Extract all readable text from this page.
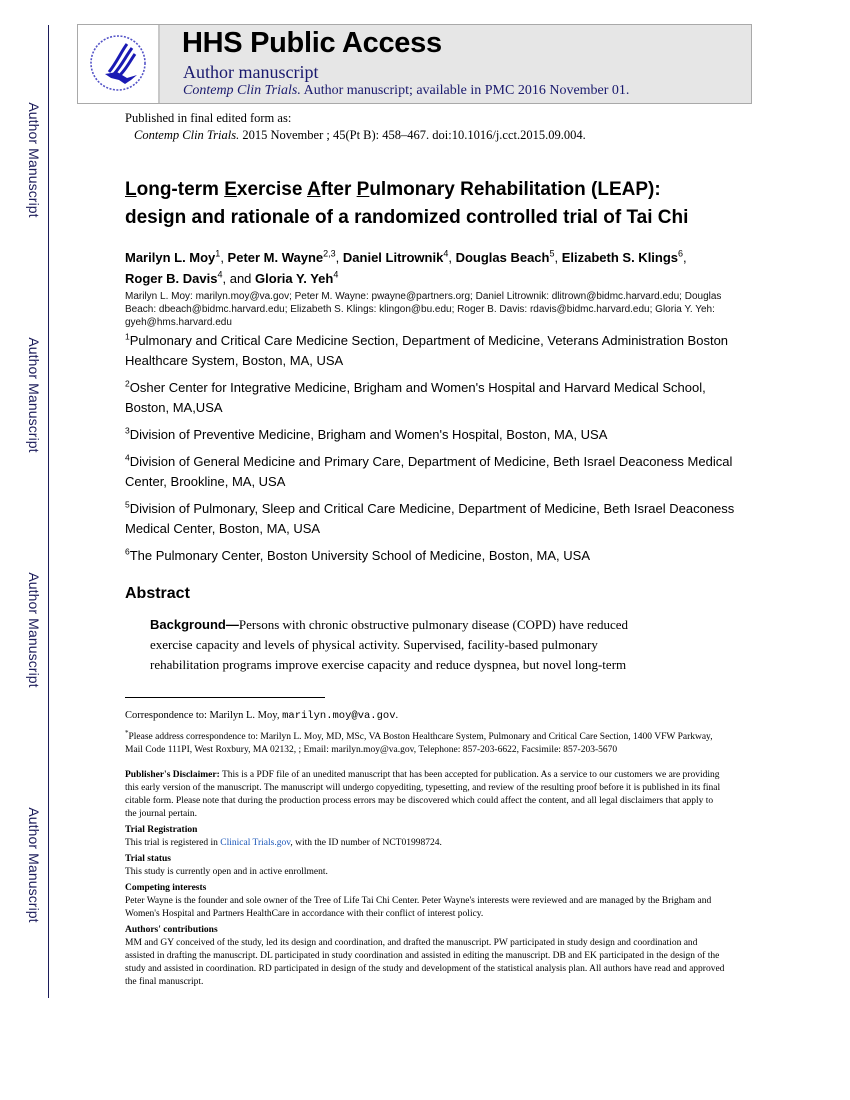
Author Manuscript
Author Manuscript
Author Manuscript
Author Manuscript
HHS Public Access
Author manuscript
Contemp Clin Trials. Author manuscript; available in PMC 2016 November 01.
Published in final edited form as:
Contemp Clin Trials. 2015 November ; 45(Pt B): 458–467. doi:10.1016/j.cct.2015.09.004.
Long-term Exercise After Pulmonary Rehabilitation (LEAP):
design and rationale of a randomized controlled trial of Tai Chi
Marilyn L. Moy$^1$, Peter M. Wayne$^{2,3}$, Daniel Litrownik$^4$, Douglas Beach$^5$, Elizabeth S. Klings$^6$, Roger B. Davis$^4$, and Gloria Y. Yeh$^4$
Marilyn L. Moy: marilyn.moy@va.gov; Peter M. Wayne: pwayne@partners.org; Daniel Litrownik: dlitrown@bidmc.harvard.edu; Douglas Beach: dbeach@bidmc.harvard.edu; Elizabeth S. Klings: klingon@bu.edu; Roger B. Davis: rdavis@bidmc.harvard.edu; Gloria Y. Yeh: gyeh@hms.harvard.edu
$^1$Pulmonary and Critical Care Medicine Section, Department of Medicine, Veterans Administration Boston Healthcare System, Boston, MA, USA
$^2$Osher Center for Integrative Medicine, Brigham and Women's Hospital and Harvard Medical School, Boston, MA,USA
$^3$Division of Preventive Medicine, Brigham and Women's Hospital, Boston, MA, USA
$^4$Division of General Medicine and Primary Care, Department of Medicine, Beth Israel Deaconess Medical Center, Brookline, MA, USA
$^5$Division of Pulmonary, Sleep and Critical Care Medicine, Department of Medicine, Beth Israel Deaconess Medical Center, Boston, MA, USA
$^6$The Pulmonary Center, Boston University School of Medicine, Boston, MA, USA
Abstract
Background—Persons with chronic obstructive pulmonary disease (COPD) have reduced exercise capacity and levels of physical activity. Supervised, facility-based pulmonary rehabilitation programs improve exercise capacity and reduce dyspnea, but novel long-term
Correspondence to: Marilyn L. Moy, marilyn.moy@va.gov.
*Please address correspondence to: Marilyn L. Moy, MD, MSc, VA Boston Healthcare System, Pulmonary and Critical Care Section, 1400 VFW Parkway, Mail Code 111PI, West Roxbury, MA 02132, ; Email: marilyn.moy@va.gov, Telephone: 857-203-6622, Facsimile: 857-203-5670
Publisher's Disclaimer: This is a PDF file of an unedited manuscript that has been accepted for publication. As a service to our customers we are providing this early version of the manuscript. The manuscript will undergo copyediting, typesetting, and review of the resulting proof before it is published in its final citable form. Please note that during the production process errors may be discovered which could affect the content, and all legal disclaimers that apply to the journal pertain.
Trial Registration
This trial is registered in Clinical Trials.gov, with the ID number of NCT01998724.
Trial status
This study is currently open and in active enrollment.
Competing interests
Peter Wayne is the founder and sole owner of the Tree of Life Tai Chi Center. Peter Wayne's interests were reviewed and are managed by the Brigham and Women's Hospital and Partners HealthCare in accordance with their conflict of interest policy.
Authors' contributions
MM and GY conceived of the study, led its design and coordination, and drafted the manuscript. PW participated in study design and coordination and assisted in drafting the manuscript. DL participated in study coordination and assisted in editing the manuscript. DB and EK participated in the design of the study and assisted in coordination. RD participated in design of the study and development of the statistical analysis plan. All authors have read and approved the final manuscript.
